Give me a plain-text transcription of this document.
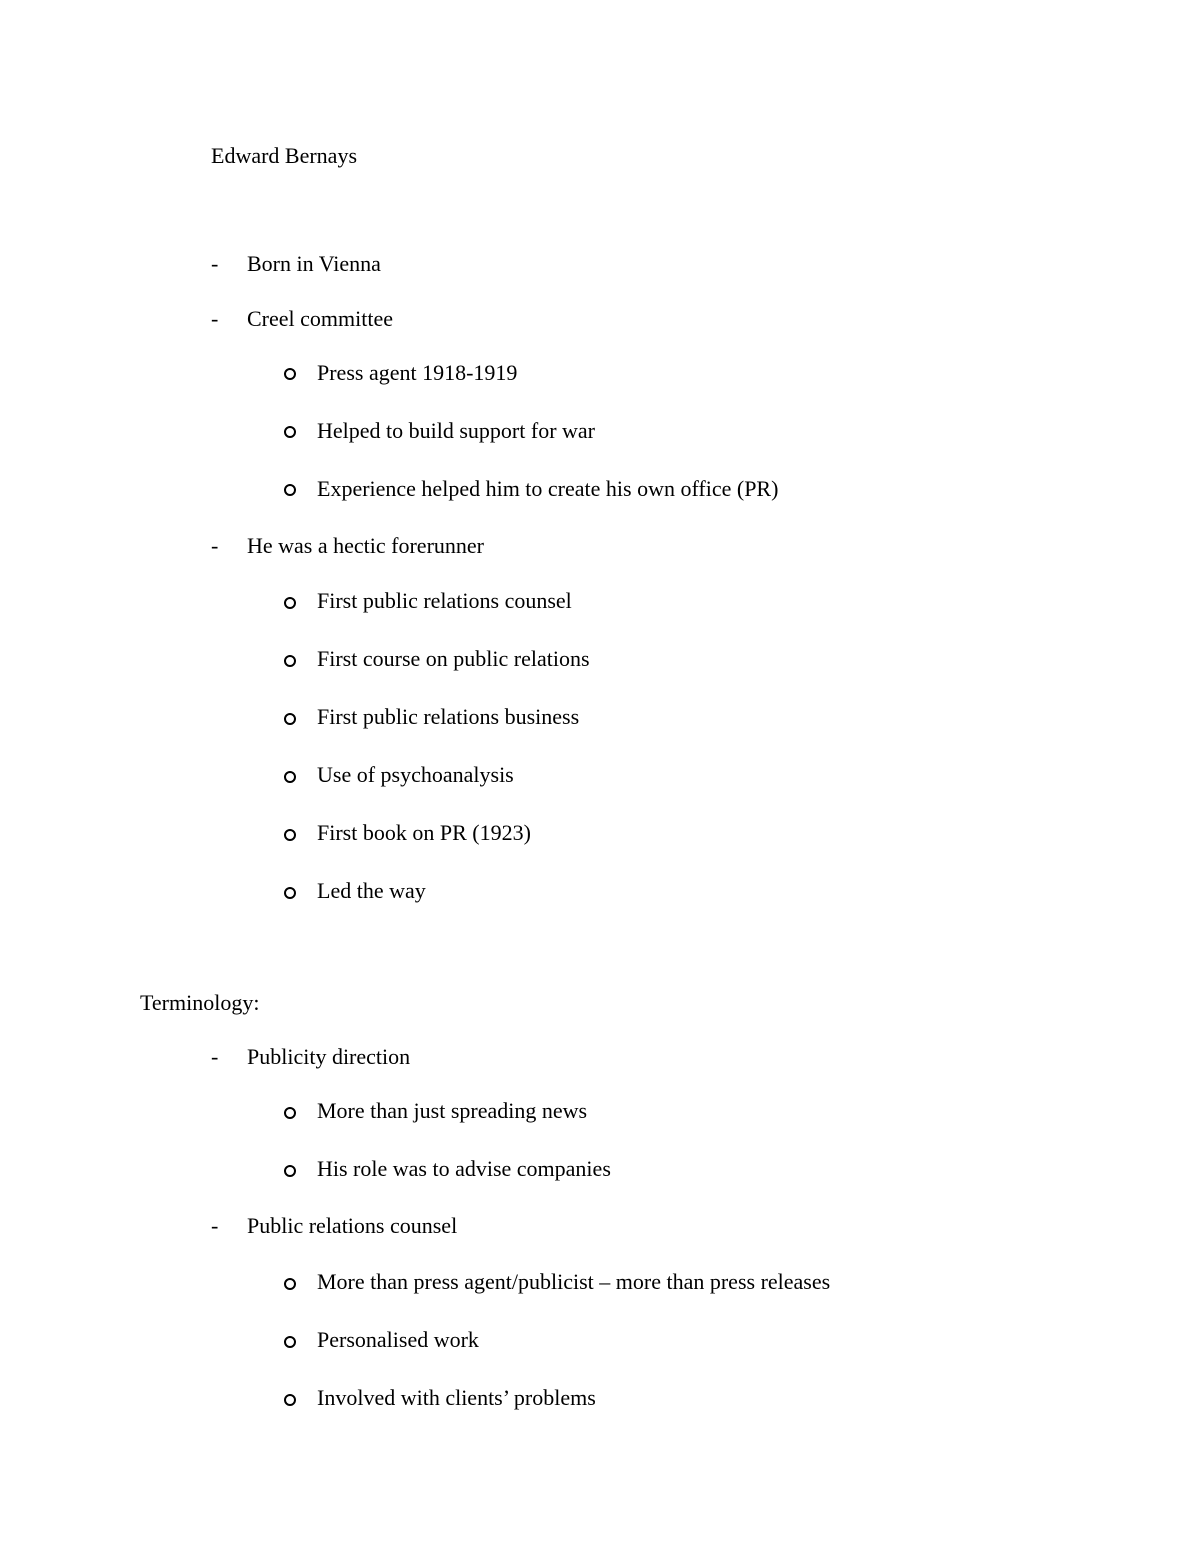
Edward Bernays
- Born in Vienna
- Creel committee
Press agent 1918-1919
Helped to build support for war
Experience helped him to create his own office (PR)
- He was a hectic forerunner
First public relations counsel
First course on public relations
First public relations business
Use of psychoanalysis
First book on PR (1923)
Led the way
Terminology:
- Publicity direction
More than just spreading news
His role was to advise companies
- Public relations counsel
More than press agent/publicist – more than press releases
Personalised work
Involved with clients’ problems
